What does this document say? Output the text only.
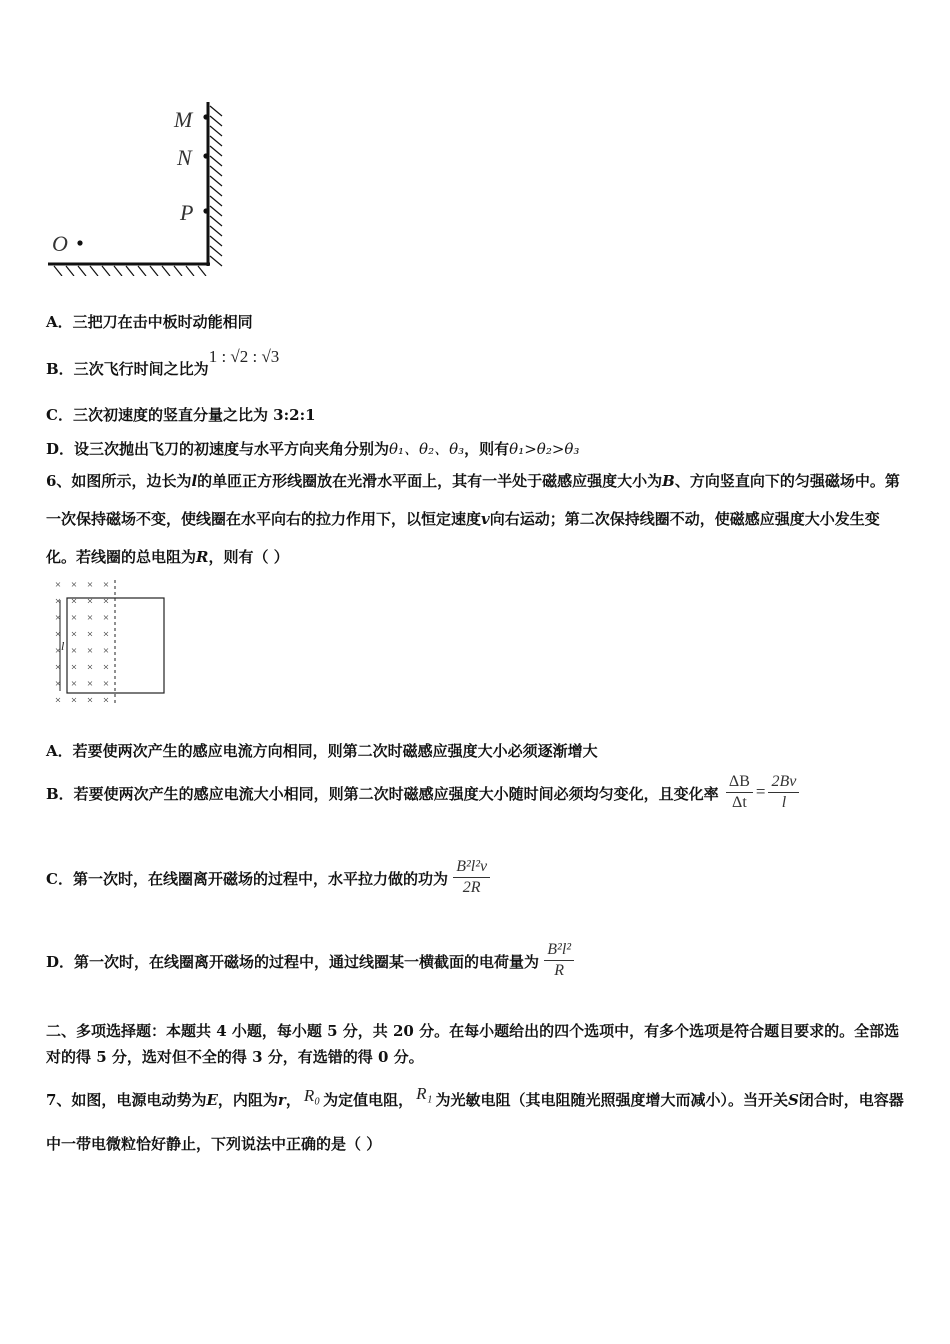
M
N
P
O
A．三把刀在击中板时动能相同
B．三次飞行时间之比为1 : √2 : √3
C．三次初速度的竖直分量之比为 3:2:1
D．设三次抛出飞刀的初速度与水平方向夹角分别为θ₁、θ₂、θ₃，则有θ₁>θ₂>θ₃
6、如图所示，边长为l的单匝正方形线圈放在光滑水平面上，其有一半处于磁感应强度大小为B、方向竖直向下的匀强磁场中。第一次保持磁场不变，使线圈在水平向右的拉力作用下，以恒定速度v向右运动；第二次保持线圈不动，使磁感应强度大小发生变化。若线圈的总电阻为R，则有（ ）
× × × ×
× × × ×
× × × ×
× × × ×
× × × ×
× × × ×
× × × ×
× × × ×
l
A．若要使两次产生的感应电流方向相同，则第二次时磁感应强度大小必须逐渐增大
B．若要使两次产生的感应电流大小相同，则第二次时磁感应强度大小随时间必须均匀变化，且变化率 $\frac{\Delta B}{\Delta t} = \frac{2Bv}{l}$
C．第一次时，在线圈离开磁场的过程中，水平拉力做的功为 $\frac{\text{B²l²v}}{2R}$
D．第一次时，在线圈离开磁场的过程中，通过线圈某一横截面的电荷量为 $\frac{\text{B²l²}}{R}$
二、多项选择题：本题共 4 小题，每小题 5 分，共 20 分。在每小题给出的四个选项中，有多个选项是符合题目要求的。全部选对的得 5 分，选对但不全的得 3 分，有选错的得 0 分。
7、如图，电源电动势为E，内阻为r， R₀ 为定值电阻， R₁ 为光敏电阻（其电阻随光照强度增大而减小）。当开关S闭合时，电容器中一带电微粒恰好静止，下列说法中正确的是（ ）
